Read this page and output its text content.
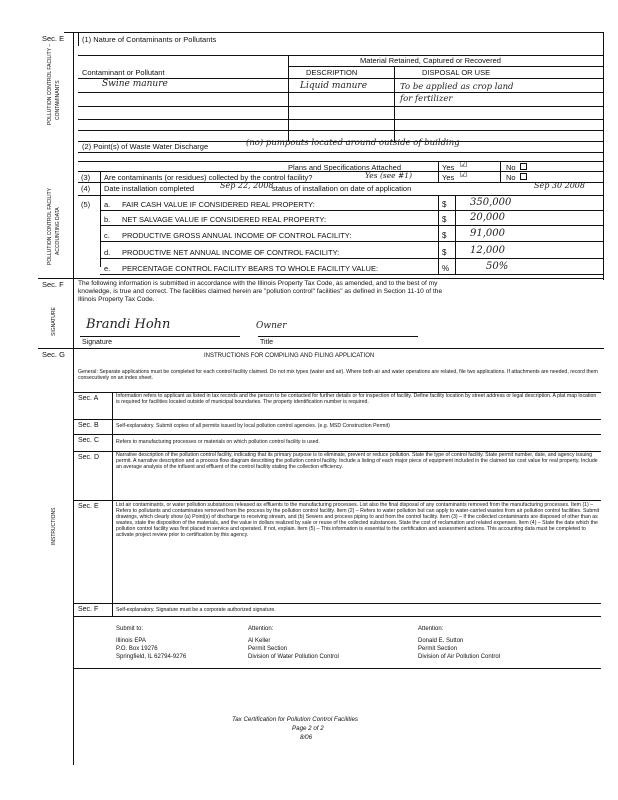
Sec. E (1) Nature of Contaminants or Pollutants
POLLUTION CONTROL FACILITY – CONTAMINANTS
Material Retained, Captured or Recovered
Contaminant or Pollutant	DESCRIPTION	DISPOSAL OR USE
Swine manure	Liquid manure	To be applied as crop land
for fertilizer
(2) Point(s) of Waste Water Discharge	(no) pumpouts located around outside of building
POLLUTION CONTROL FACILITY ACCOUNTING DATA
Plans and Specifications Attached	Yes ☑	No
(3) Are contaminants (or residues) collected by the control facility?	Yes (see #1)	Yes ☑	No
(4) Date installation completed	Sep 22, 2008
status of installation on date of application	Sep 30 2008
(5) a. FAIR CASH VALUE IF CONSIDERED REAL PROPERTY:	$ 350,000
b. NET SALVAGE VALUE IF CONSIDERED REAL PROPERTY:	$ 20,000
c. PRODUCTIVE GROSS ANNUAL INCOME OF CONTROL FACILITY:	$ 91,000
d. PRODUCTIVE NET ANNUAL INCOME OF CONTROL FACILITY:	$ 12,000
e. PERCENTAGE CONTROL FACILITY BEARS TO WHOLE FACILITY VALUE:	%	50%
Sec. F
SIGNATURE
The following information is submitted in accordance with the Illinois Property Tax Code, as amended, and to the best of my
knowledge, is true and correct. The facilities claimed herein are "pollution control" facilities" as defined in Section 11-10 of the
Illinois Property Tax Code.
Brandi Hohn	Owner
Signature	Title
Sec. G
INSTRUCTIONS
INSTRUCTIONS FOR COMPILING AND FILING APPLICATION
General: Separate applications must be completed for each control facility claimed. Do not mix types (water and air). Where both air and water operations are related, file two applications. If attachments are needed, record them consecutively on an index sheet.
Sec. A	Information refers to applicant as listed in tax records and the person to be contacted for further details or for inspection of facility. Define facility location by street address or legal description. A plat map location is required for facilities located outside of municipal boundaries. The property identification number is required.
Sec. B	Self-explanatory. Submit copies of all permits issued by local pollution control agencies. (e.g. MSD Construction Permit)
Sec. C	Refers to manufacturing processes or materials on which pollution control facility is used.
Sec. D	Narrative description of the pollution control facility, indicating that its primary purpose is to eliminate, prevent or reduce pollution. State the type of control facility. State permit number, date, and agency issuing permit. A narrative description and a process flow diagram describing the pollution control facility. Include a listing of each major piece of equipment included in the claimed tax cost value for real property. Include an average analysis of the influent and effluent of the control facility stating the collection efficiency.
Sec. E	List air contaminants, or water pollution substances released as effluents to the manufacturing processes. List also the final disposal of any contaminants removed from the manufacturing processes. Item (1) – Refers to pollutants and contaminates removed from the process by the pollution control facility. Item (2) – Refers to water pollution but can apply to water-carried wastes from air pollution control facilities. Submit drawings, which clearly show (a) Point(s) of discharge to receiving stream, and (b) Sewers and process piping to and from the control facility. Item (3) – If the collected contaminants are disposed of other than as wastes, state the disposition of the materials, and the value in dollars realized by sale or reuse of the collected substances. State the cost of reclamation and related expenses. Item (4) – State the date which the pollution control facility was first placed in service and operated. If not, explain. Item (5) – This information is essential to the certification and assessment actions. This accounting data must be completed to activate project review prior to certification by this agency.
Sec. F	Self-explanatory. Signature must be a corporate authorized signature.
Submit to:
Illinois EPA
P.O. Box 19276
Springfield, IL 62794-9276
Attention:
Al Keller
Permit Section
Division of Water Pollution Control
Attention:
Donald E. Sutton
Permit Section
Division of Air Pollution Control
Tax Certification for Pollution Control Facilities
Page 2 of 2
8/06
